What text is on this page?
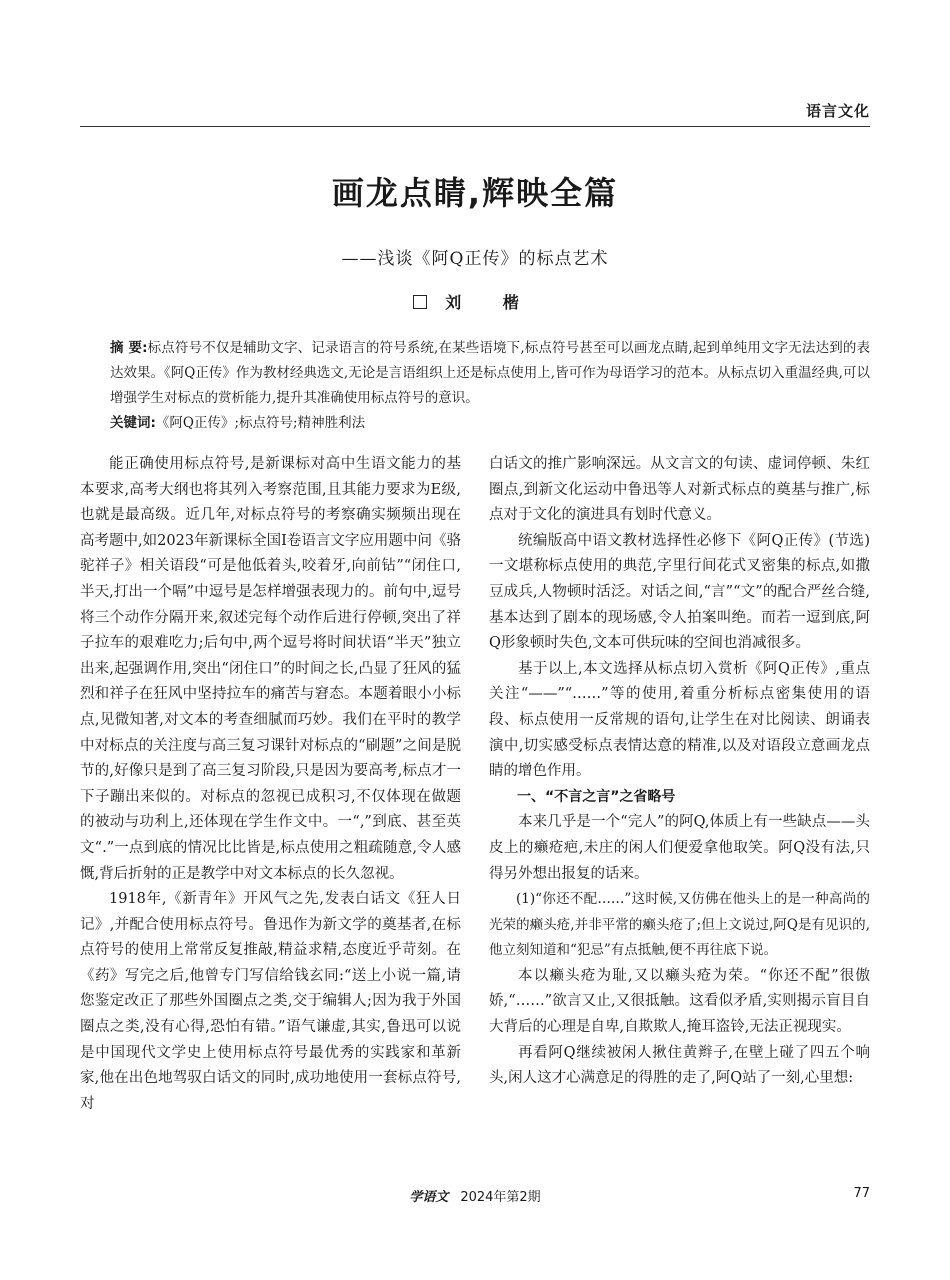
语言文化
画龙点睛,辉映全篇
——浅谈《阿Q正传》的标点艺术
刘 楷

摘 要:标点符号不仅是辅助文字、记录语言的符号系统,在某些语境下,标点符号甚至可以画龙点睛,起到单纯用文字无法达到的表达效果。《阿Q正传》作为教材经典选文,无论是言语组织上还是标点使用上,皆可作为母语学习的范本。从标点切入重温经典,可以增强学生对标点的赏析能力,提升其准确使用标点符号的意识。

关键词:《阿Q正传》;标点符号;精神胜利法

能正确使用标点符号,是新课标对高中生语文能力的基本要求,高考大纲也将其列入考察范围,且其能力要求为E级,也就是最高级。近几年,对标点符号的考察确实频频出现在高考题中,如2023年新课标全国Ⅰ卷语言文字应用题中问《骆驼祥子》相关语段“可是他低着头,咬着牙,向前钻”“闭住口,半天,打出一个嗝”中逗号是怎样增强表现力的。前句中,逗号将三个动作分隔开来,叙述完每个动作后进行停顿,突出了祥子拉车的艰难吃力;后句中,两个逗号将时间状语“半天”独立出来,起强调作用,突出“闭住口”的时间之长,凸显了狂风的猛烈和祥子在狂风中坚持拉车的痛苦与窘态。本题着眼小小标点,见微知著,对文本的考查细腻而巧妙。我们在平时的教学中对标点的关注度与高三复习课针对标点的“刷题”之间是脱节的,好像只是到了高三复习阶段,只是因为要高考,标点才一下子蹦出来似的。对标点的忽视已成积习,不仅体现在做题的被动与功利上,还体现在学生作文中。一“,”到底、甚至英文“.”一点到底的情况比比皆是,标点使用之粗疏随意,令人感慨,背后折射的正是教学中对文本标点的长久忽视。

1918年,《新青年》开风气之先,发表白话文《狂人日记》,并配合使用标点符号。鲁迅作为新文学的奠基者,在标点符号的使用上常常反复推敲,精益求精,态度近乎苛刻。在《药》写完之后,他曾专门写信给钱玄同:“送上小说一篇,请您鉴定改正了那些外国圈点之类,交于编辑人;因为我于外国圈点之类,没有心得,恐怕有错。”语气谦虚,其实,鲁迅可以说是中国现代文学史上使用标点符号最优秀的实践家和革新家,他在出色地驾驭白话文的同时,成功地使用一套标点符号,对

白话文的推广影响深远。从文言文的句读、虚词停顿、朱红圈点,到新文化运动中鲁迅等人对新式标点的奠基与推广,标点对于文化的演进具有划时代意义。

统编版高中语文教材选择性必修下《阿Q正传》(节选)一文堪称标点使用的典范,字里行间花式叉密集的标点,如撒豆成兵,人物顿时活泛。对话之间,“言”“文”的配合严丝合缝,基本达到了剧本的现场感,令人拍案叫绝。而若一逗到底,阿Q形象顿时失色,文本可供玩味的空间也消减很多。

基于以上,本文选择从标点切入赏析《阿Q正传》,重点关注“——”“……”等的使用,着重分析标点密集使用的语段、标点使用一反常规的语句,让学生在对比阅读、朗诵表演中,切实感受标点表情达意的精准,以及对语段立意画龙点睛的增色作用。

一、“不言之言”之省略号

本来几乎是一个“完人”的阿Q,体质上有一些缺点——头皮上的癞疮疤,未庄的闲人们便爱拿他取笑。阿Q没有法,只得另外想出报复的话来。

(1)“你还不配……”这时候,又仿佛在他头上的是一种高尚的光荣的癞头疮,并非平常的癞头疮了;但上文说过,阿Q是有见识的,他立刻知道和“犯忌”有点抵触,便不再往底下说。

本以癞头疮为耻,又以癞头疮为荣。“你还不配”很傲娇,“……”欲言又止,又很抵触。这看似矛盾,实则揭示盲目自大背后的心理是自卑,自欺欺人,掩耳盗铃,无法正视现实。

再看阿Q继续被闲人揪住黄辫子,在壁上碰了四五个响头,闲人这才心满意足的得胜的走了,阿Q站了一刻,心里想:

学语文 2024年第2期	77
